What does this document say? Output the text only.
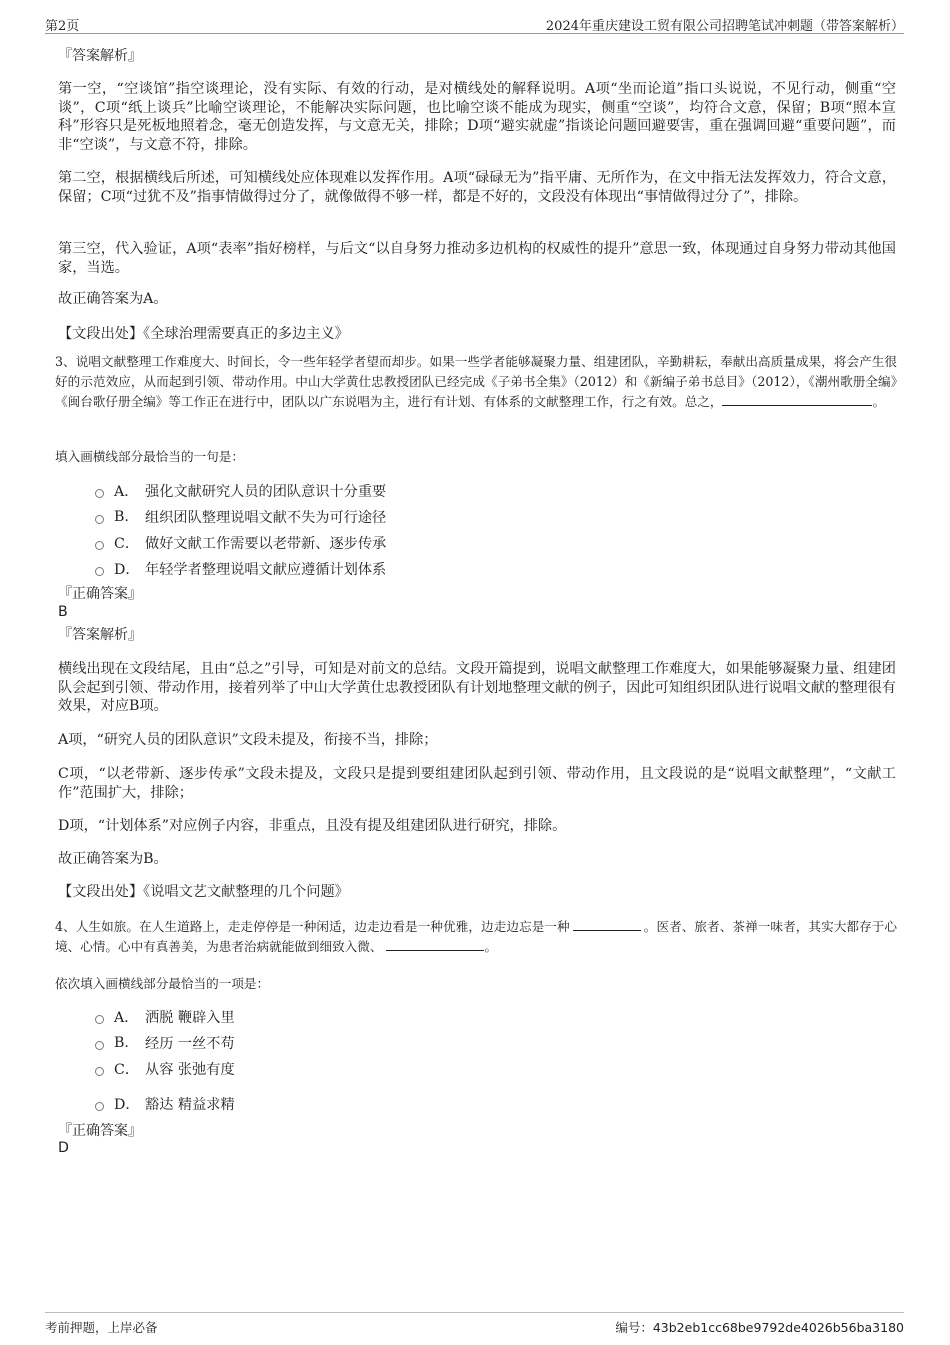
第2页	2024年重庆建设工贸有限公司招聘笔试冲刺题（带答案解析）
『答案解析』
第一空，“空谈馆”指空谈理论，没有实际、有效的行动，是对横线处的解释说明。A项“坐而论道”指口头说说，不见行动，侧重“空谈”，C项“纸上谈兵”比喻空谈理论，不能解决实际问题，也比喻空谈不能成为现实，侧重“空谈”，均符合文意，保留；B项“照本宣科”形容只是死板地照着念，毫无创造发挥，与文意无关，排除；D项“避实就虚”指谈论问题回避要害，重在强调回避“重要问题”，而非“空谈”，与文意不符，排除。
第二空，根据横线后所述，可知横线处应体现难以发挥作用。A项“碌碌无为”指平庸、无所作为，在文中指无法发挥效力，符合文意，保留；C项“过犹不及”指事情做得过分了，就像做得不够一样，都是不好的，文段没有体现出“事情做得过分了”，排除。
第三空，代入验证，A项“表率”指好榜样，与后文“以自身努力推动多边机构的权威性的提升”意思一致，体现通过自身努力带动其他国家，当选。
故正确答案为A。
【文段出处】《全球治理需要真正的多边主义》
3、说唱文献整理工作难度大、时间长，令一些年轻学者望而却步。如果一些学者能够凝聚力量、组建团队，辛勤耕耘，奉献出高质量成果，将会产生很好的示范效应，从而起到引领、带动作用。中山大学黄仕忠教授团队已经完成《子弟书全集》（2012）和《新编子弟书总目》（2012），《潮州歌册全编》《闽台歌仔册全编》等工作正在进行中，团队以广东说唱为主，进行有计划、有体系的文献整理工作，行之有效。总之，	。
填入画横线部分最恰当的一句是：
A． 强化文献研究人员的团队意识十分重要
B.	组织团队整理说唱文献不失为可行途径
C． 做好文献工作需要以老带新、逐步传承
D． 年轻学者整理说唱文献应遵循计划体系
『正确答案』
B
『答案解析』
横线出现在文段结尾，且由“总之”引导，可知是对前文的总结。文段开篇提到，说唱文献整理工作难度大，如果能够凝聚力量、组建团队会起到引领、带动作用，接着列举了中山大学黄仕忠教授团队有计划地整理文献的例子，因此可知组织团队进行说唱文献的整理很有效果，对应B项。
A项，“研究人员的团队意识”文段未提及，衔接不当，排除；
C项，“以老带新、逐步传承”文段未提及，文段只是提到要组建团队起到引领、带动作用，且文段说的是“说唱文献整理”，“文献工作”范围扩大，排除；
D项，“计划体系”对应例子内容，非重点，且没有提及组建团队进行研究，排除。
故正确答案为B。
【文段出处】《说唱文艺文献整理的几个问题》
4、人生如旅。在人生道路上，走走停停是一种闲适，边走边看是一种优雅，边走边忘是一种	。医者、旅者、茶禅一味者，其实大都存于心境、心情。心中有真善美，为患者治病就能做到细致入微、	。
依次填入画横线部分最恰当的一项是：
A． 洒脱 鞭辟入里
B.	经历 一丝不苟
C． 从容 张弛有度
D． 豁达 精益求精
『正确答案』
D
考前押题，上岸必备	编号：43b2eb1cc68be9792de4026b56ba3180
